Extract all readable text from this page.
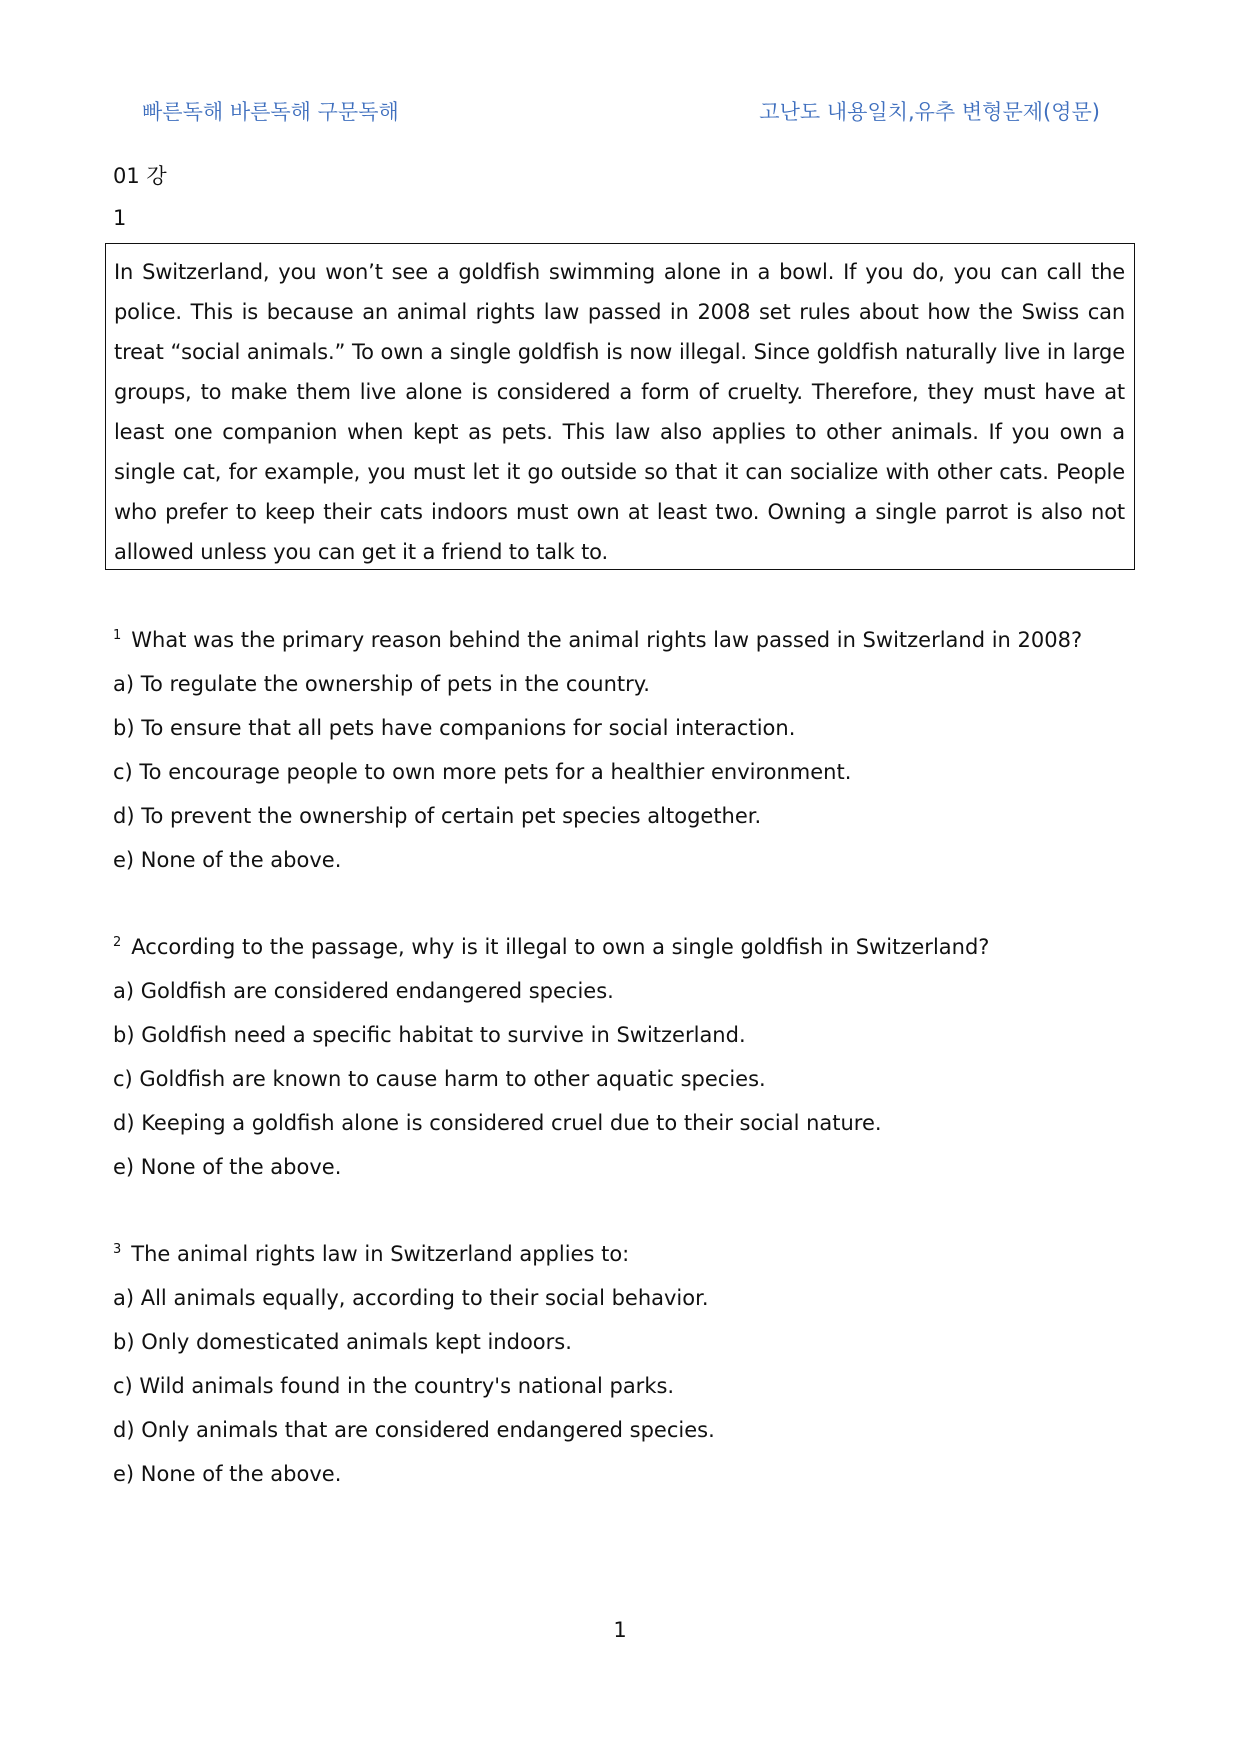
빠른독해 바른독해 구문독해	고난도 내용일치,유추 변형문제(영문)
01 강
1

In Switzerland, you won’t see a goldfish swimming alone in a bowl. If you do, you can call the police. This is because an animal rights law passed in 2008 set rules about how the Swiss can treat “social animals.” To own a single goldfish is now illegal. Since goldfish naturally live in large groups, to make them live alone is considered a form of cruelty. Therefore, they must have at least one companion when kept as pets. This law also applies to other animals. If you own a single cat, for example, you must let it go outside so that it can socialize with other cats. People who prefer to keep their cats indoors must own at least two. Owning a single parrot is also not allowed unless you can get it a friend to talk to.

$^1$ What was the primary reason behind the animal rights law passed in Switzerland in 2008?
a) To regulate the ownership of pets in the country.
b) To ensure that all pets have companions for social interaction.
c) To encourage people to own more pets for a healthier environment.
d) To prevent the ownership of certain pet species altogether.
e) None of the above.
$^2$ According to the passage, why is it illegal to own a single goldfish in Switzerland?
a) Goldfish are considered endangered species.
b) Goldfish need a specific habitat to survive in Switzerland.
c) Goldfish are known to cause harm to other aquatic species.
d) Keeping a goldfish alone is considered cruel due to their social nature.
e) None of the above.
$^3$ The animal rights law in Switzerland applies to:
a) All animals equally, according to their social behavior.
b) Only domesticated animals kept indoors.
c) Wild animals found in the country's national parks.
d) Only animals that are considered endangered species.
e) None of the above.
1
